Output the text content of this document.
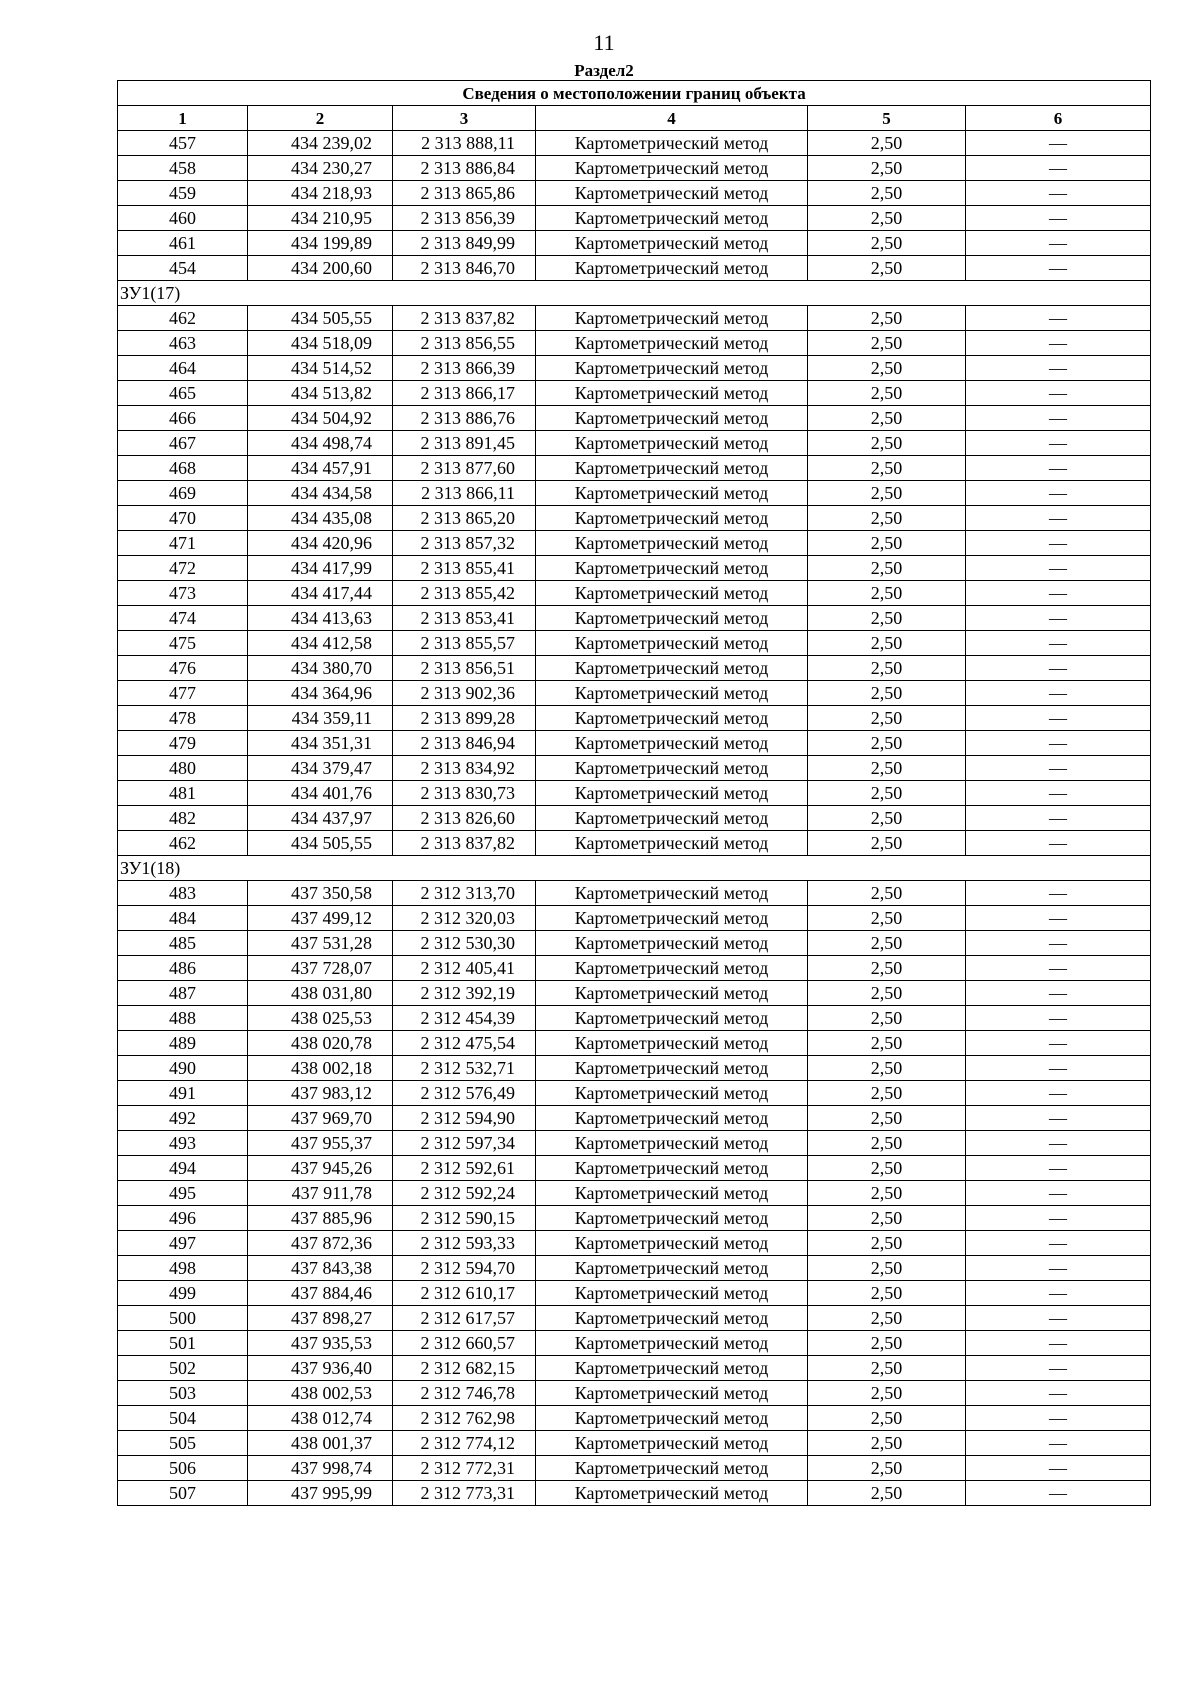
11
Раздел2
Сведения о местоположении границ объекта					
1	2	3	4	5	6
457	434 239,02	2 313 888,11	Картометрический метод	2,50	—
458	434 230,27	2 313 886,84	Картометрический метод	2,50	—
459	434 218,93	2 313 865,86	Картометрический метод	2,50	—
460	434 210,95	2 313 856,39	Картометрический метод	2,50	—
461	434 199,89	2 313 849,99	Картометрический метод	2,50	—
454	434 200,60	2 313 846,70	Картометрический метод	2,50	—
ЗУ1(17)					
462	434 505,55	2 313 837,82	Картометрический метод	2,50	—
463	434 518,09	2 313 856,55	Картометрический метод	2,50	—
464	434 514,52	2 313 866,39	Картометрический метод	2,50	—
465	434 513,82	2 313 866,17	Картометрический метод	2,50	—
466	434 504,92	2 313 886,76	Картометрический метод	2,50	—
467	434 498,74	2 313 891,45	Картометрический метод	2,50	—
468	434 457,91	2 313 877,60	Картометрический метод	2,50	—
469	434 434,58	2 313 866,11	Картометрический метод	2,50	—
470	434 435,08	2 313 865,20	Картометрический метод	2,50	—
471	434 420,96	2 313 857,32	Картометрический метод	2,50	—
472	434 417,99	2 313 855,41	Картометрический метод	2,50	—
473	434 417,44	2 313 855,42	Картометрический метод	2,50	—
474	434 413,63	2 313 853,41	Картометрический метод	2,50	—
475	434 412,58	2 313 855,57	Картометрический метод	2,50	—
476	434 380,70	2 313 856,51	Картометрический метод	2,50	—
477	434 364,96	2 313 902,36	Картометрический метод	2,50	—
478	434 359,11	2 313 899,28	Картометрический метод	2,50	—
479	434 351,31	2 313 846,94	Картометрический метод	2,50	—
480	434 379,47	2 313 834,92	Картометрический метод	2,50	—
481	434 401,76	2 313 830,73	Картометрический метод	2,50	—
482	434 437,97	2 313 826,60	Картометрический метод	2,50	—
462	434 505,55	2 313 837,82	Картометрический метод	2,50	—
ЗУ1(18)					
483	437 350,58	2 312 313,70	Картометрический метод	2,50	—
484	437 499,12	2 312 320,03	Картометрический метод	2,50	—
485	437 531,28	2 312 530,30	Картометрический метод	2,50	—
486	437 728,07	2 312 405,41	Картометрический метод	2,50	—
487	438 031,80	2 312 392,19	Картометрический метод	2,50	—
488	438 025,53	2 312 454,39	Картометрический метод	2,50	—
489	438 020,78	2 312 475,54	Картометрический метод	2,50	—
490	438 002,18	2 312 532,71	Картометрический метод	2,50	—
491	437 983,12	2 312 576,49	Картометрический метод	2,50	—
492	437 969,70	2 312 594,90	Картометрический метод	2,50	—
493	437 955,37	2 312 597,34	Картометрический метод	2,50	—
494	437 945,26	2 312 592,61	Картометрический метод	2,50	—
495	437 911,78	2 312 592,24	Картометрический метод	2,50	—
496	437 885,96	2 312 590,15	Картометрический метод	2,50	—
497	437 872,36	2 312 593,33	Картометрический метод	2,50	—
498	437 843,38	2 312 594,70	Картометрический метод	2,50	—
499	437 884,46	2 312 610,17	Картометрический метод	2,50	—
500	437 898,27	2 312 617,57	Картометрический метод	2,50	—
501	437 935,53	2 312 660,57	Картометрический метод	2,50	—
502	437 936,40	2 312 682,15	Картометрический метод	2,50	—
503	438 002,53	2 312 746,78	Картометрический метод	2,50	—
504	438 012,74	2 312 762,98	Картометрический метод	2,50	—
505	438 001,37	2 312 774,12	Картометрический метод	2,50	—
506	437 998,74	2 312 772,31	Картометрический метод	2,50	—
507	437 995,99	2 312 773,31	Картометрический метод	2,50	—
